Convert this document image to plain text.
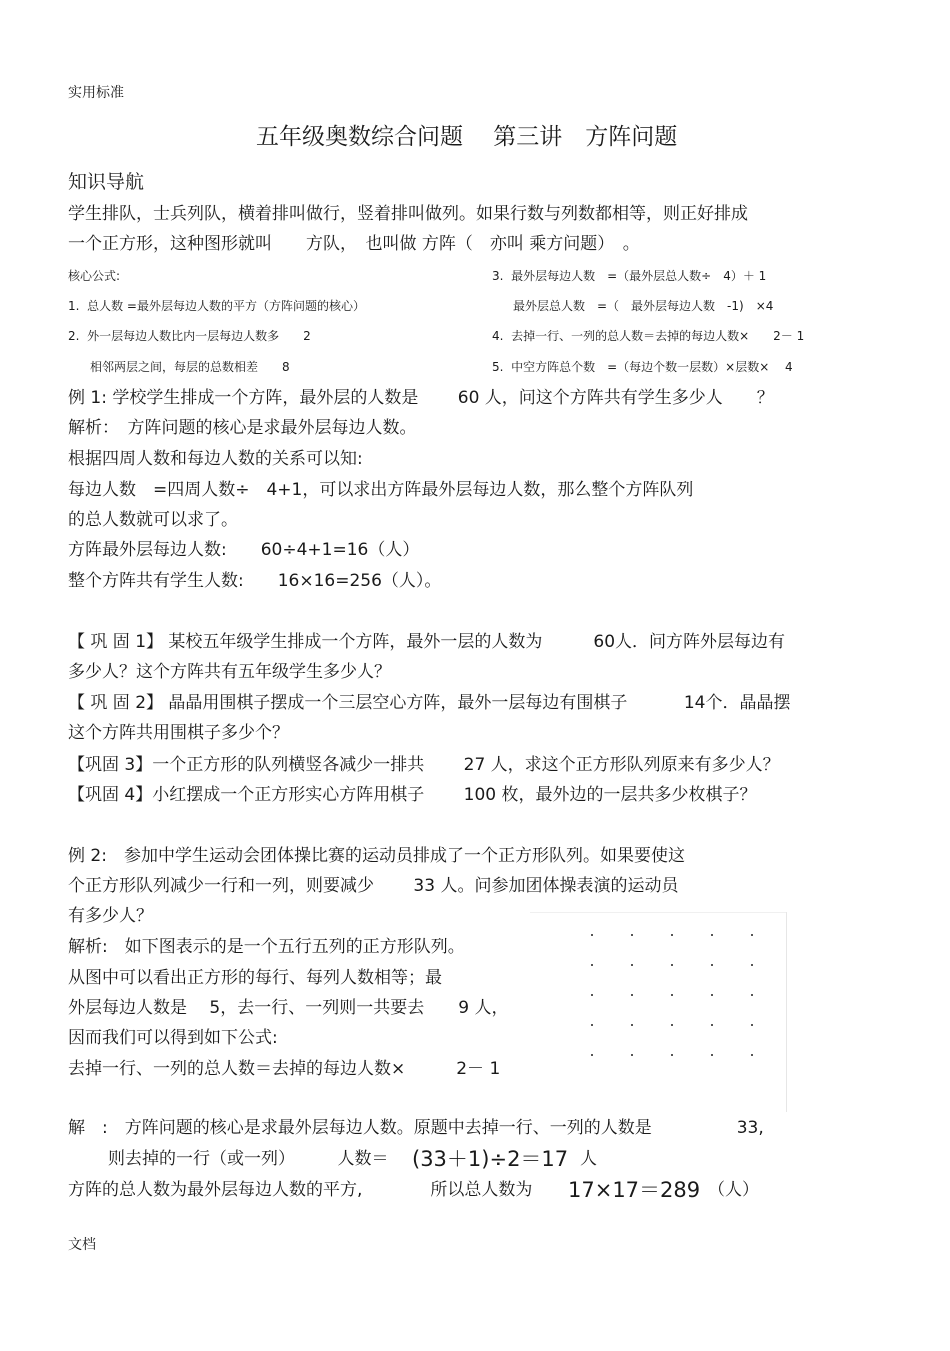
实用标准
五年级奥数综合问题　 第三讲　方阵问题
知识导航
学生排队，士兵列队，横着排叫做行，竖着排叫做列。如果行数与列数都相等，则正好排成
一个正方形，这种图形就叫　　方队，　也叫做 方阵（　亦叫 乘方问题）　。
核心公式:
1.  总人数 =最外层每边人数的平方（方阵问题的核心）
2.  外一层每边人数比内一层每边人数多　　2
相邻两层之间，每层的总数相差　　8
3.  最外层每边人数　=（最外层总人数÷　4）＋ 1
最外层总人数　=（　最外层每边人数　-1)　×4
4.  去掉一行、一列的总人数＝去掉的每边人数×　　2－ 1
5.  中空方阵总个数　=（每边个数一层数）×层数×　 4
例 1: 学校学生排成一个方阵，最外层的人数是　　 60 人，问这个方阵共有学生多少人　　？
解析：　方阵问题的核心是求最外层每边人数。
根据四周人数和每边人数的关系可以知:
每边人数　=四周人数÷　4+1，可以求出方阵最外层每边人数，那么整个方阵队列
的总人数就可以求了。
方阵最外层每边人数:　　60÷4+1=16（人）
整个方阵共有学生人数:　　16×16=256（人）。
【 巩 固 1】 某校五年级学生排成一个方阵，最外一层的人数为　　　60人．问方阵外层每边有
多少人？这个方阵共有五年级学生多少人？
【 巩 固 2】 晶晶用围棋子摆成一个三层空心方阵，最外一层每边有围棋子　　　 14个．晶晶摆
这个方阵共用围棋子多少个？
【巩固 3】一个正方形的队列横竖各减少一排共　　 27 人，求这个正方形队列原来有多少人？
【巩固 4】小红摆成一个正方形实心方阵用棋子　　 100 枚，最外边的一层共多少枚棋子？
例 2:　参加中学生运动会团体操比赛的运动员排成了一个正方形队列。如果要使这
个正方形队列减少一行和一列，则要减少　　 33 人。问参加团体操表演的运动员
有多少人？
解析:　如下图表示的是一个五行五列的正方形队列。
从图中可以看出正方形的每行、每列人数相等；最
外层每边人数是　 5，去一行、一列则一共要去　　9 人，
因而我们可以得到如下公式:
去掉一行、一列的总人数＝去掉的每边人数×　　　2－ 1
解　:　方阵问题的核心是求最外层每边人数。原题中去掉一行、一列的人数是　　　　　33,
则去掉的一行（或一列）　　　人数＝ (33＋1)÷2＝17 人
方阵的总人数为最外层每边人数的平方,　　　　所以总人数为 17×17＝289 （人）
文档
